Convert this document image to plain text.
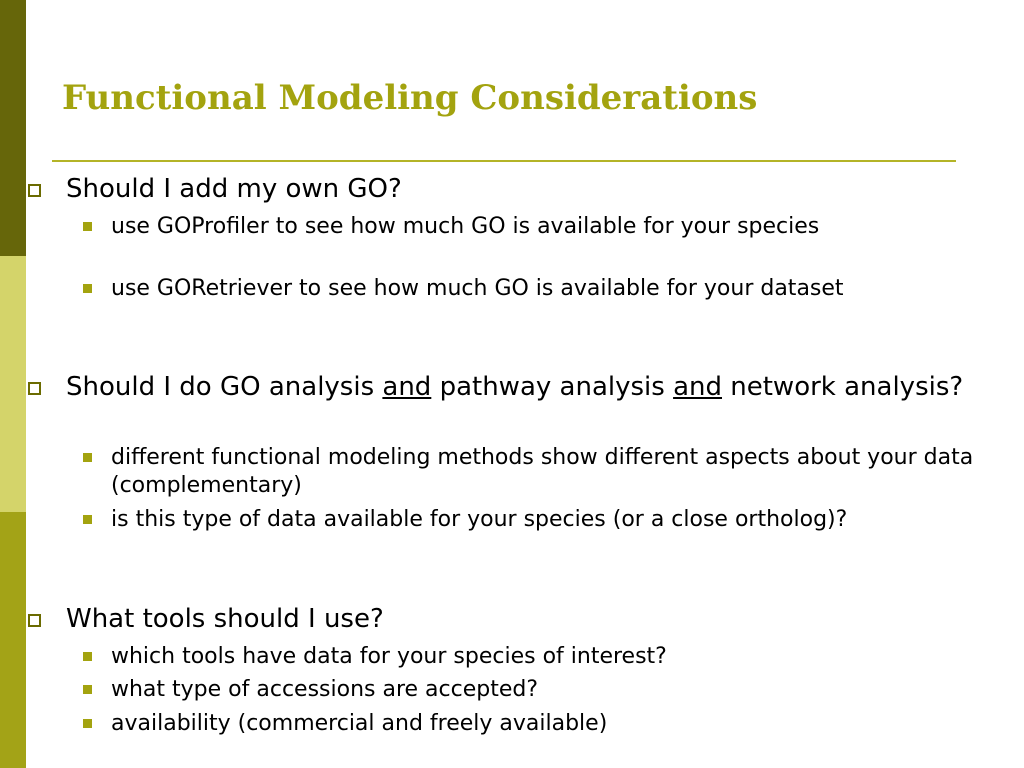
Functional Modeling Considerations
Should I add my own GO?
use GOProfiler to see how much GO is available for your species
use GORetriever to see how much GO is available for your dataset
Should I do GO analysis and pathway analysis and network analysis?
different functional modeling methods show different aspects about your data (complementary)
is this type of data available for your species (or a close ortholog)?
What tools should I use?
which tools have data for your species of interest?
what type of accessions are accepted?
availability (commercial and freely available)
